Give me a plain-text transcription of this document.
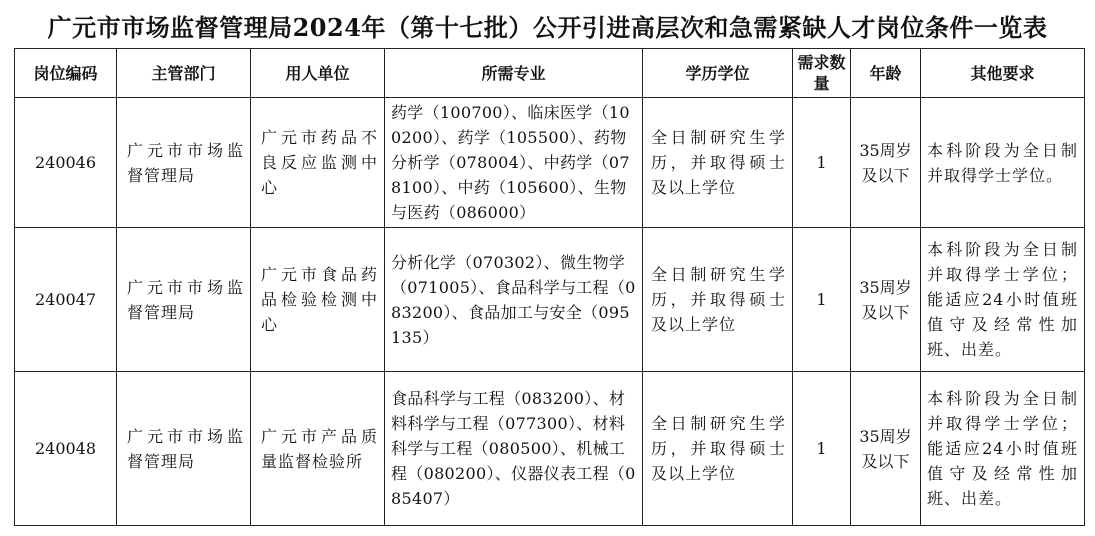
广元市市场监督管理局2024年（第十七批）公开引进高层次和急需紧缺人才岗位条件一览表
岗位编码	主管部门	用人单位	所需专业	学历学位	需求数量	年龄	其他要求
240046	广元市市场监督管理局	广元市药品不良反应监测中心	药学（100700）、临床医学（100200）、药学（105500）、药物分析学（078004）、中药学（078100）、中药（105600）、生物与医药（086000）	全日制研究生学历，并取得硕士及以上学位	1	35周岁及以下	本科阶段为全日制并取得学士学位。
240047	广元市市场监督管理局	广元市食品药品检验检测中心	分析化学（070302）、微生物学（071005）、食品科学与工程（083200）、食品加工与安全（095135）	全日制研究生学历，并取得硕士及以上学位	1	35周岁及以下	本科阶段为全日制并取得学士学位；能适应24小时值班值守及经常性加班、出差。
240048	广元市市场监督管理局	广元市产品质量监督检验所	食品科学与工程（083200）、材料科学与工程（077300）、材料科学与工程（080500）、机械工程（080200）、仪器仪表工程（085407）	全日制研究生学历，并取得硕士及以上学位	1	35周岁及以下	本科阶段为全日制并取得学士学位；能适应24小时值班值守及经常性加班、出差。
